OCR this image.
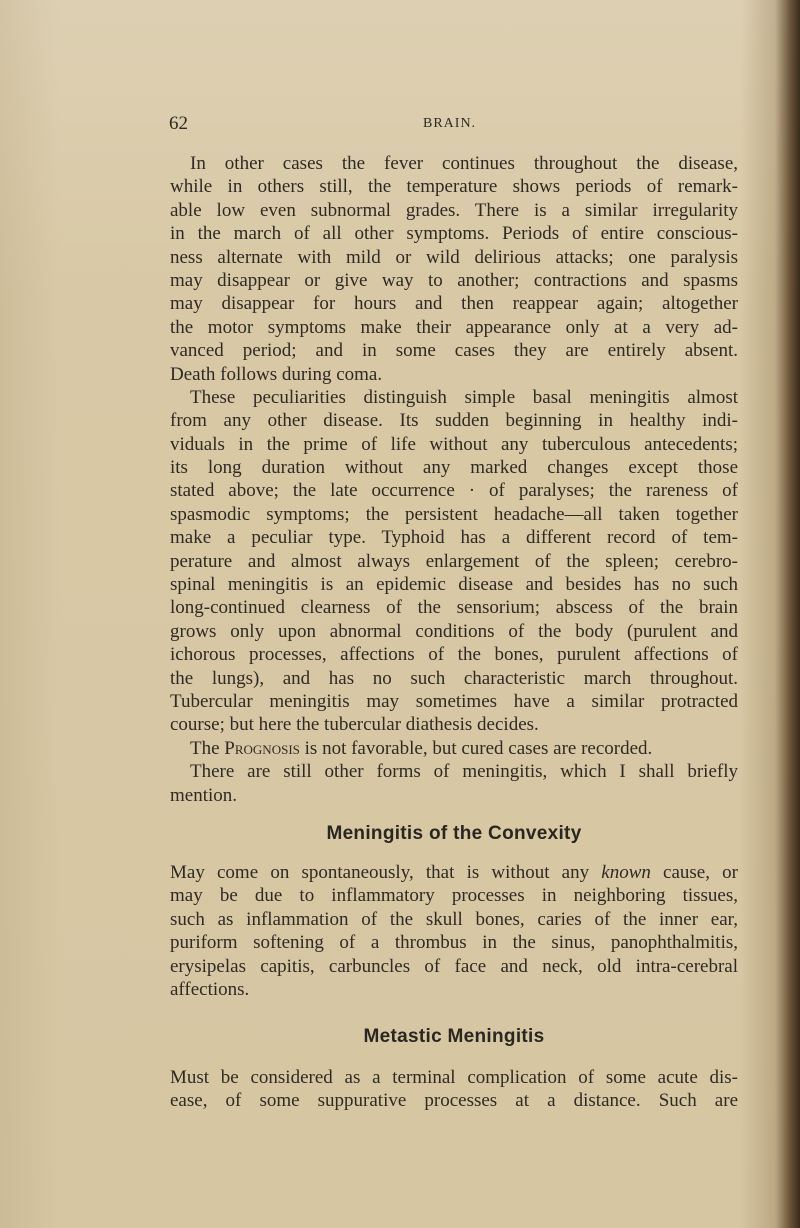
62	BRAIN.
In other cases the fever continues throughout the disease,
while in others still, the temperature shows periods of remark-
able low even subnormal grades. There is a similar irregularity
in the march of all other symptoms. Periods of entire conscious-
ness alternate with mild or wild delirious attacks; one paralysis
may disappear or give way to another; contractions and spasms
may disappear for hours and then reappear again; altogether
the motor symptoms make their appearance only at a very ad-
vanced period; and in some cases they are entirely absent.
Death follows during coma.
These peculiarities distinguish simple basal meningitis almost
from any other disease. Its sudden beginning in healthy indi-
viduals in the prime of life without any tuberculous antecedents;
its long duration without any marked changes except those
stated above; the late occurrence · of paralyses; the rareness of
spasmodic symptoms; the persistent headache—all taken together
make a peculiar type. Typhoid has a different record of tem-
perature and almost always enlargement of the spleen; cerebro-
spinal meningitis is an epidemic disease and besides has no such
long-continued clearness of the sensorium; abscess of the brain
grows only upon abnormal conditions of the body (purulent and
ichorous processes, affections of the bones, purulent affections of
the lungs), and has no such characteristic march throughout.
Tubercular meningitis may sometimes have a similar protracted
course; but here the tubercular diathesis decides.
The Prognosis is not favorable, but cured cases are recorded.
There are still other forms of meningitis, which I shall briefly
mention.
Meningitis of the Convexity
May come on spontaneously, that is without any known cause, or
may be due to inflammatory processes in neighboring tissues,
such as inflammation of the skull bones, caries of the inner ear,
puriform softening of a thrombus in the sinus, panophthalmitis,
erysipelas capitis, carbuncles of face and neck, old intra-cerebral
affections.
Metastic Meningitis
Must be considered as a terminal complication of some acute dis-
ease, of some suppurative processes at a distance. Such are
